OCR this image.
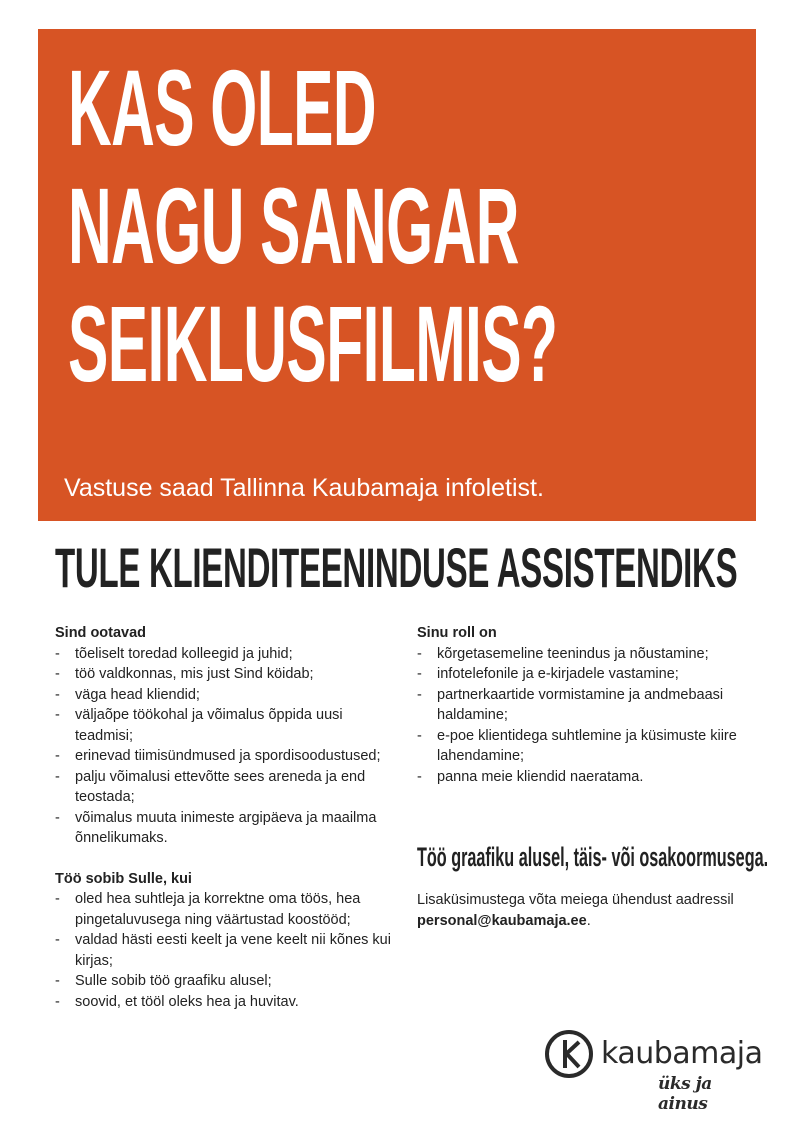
KAS OLED
NAGU SANGAR
SEIKLUSFILMIS?
Vastuse saad Tallinna Kaubamaja infoletist.
TULE KLIENDITEENINDUSE ASSISTENDIKS

Sind ootavad

- tõeliselt toredad kolleegid ja juhid;
- töö valdkonnas, mis just Sind köidab;
- väga head kliendid;
- väljaõpe töökohal ja võimalus õppida uusi teadmisi;
- erinevad tiimisündmused ja spordisoodustused;
- palju võimalusi ettevõtte sees areneda ja end teostada;
- võimalus muuta inimeste argipäeva ja maailma õnnelikumaks.

Töö sobib Sulle, kui

- oled hea suhtleja ja korrektne oma töös, hea pingetaluvusega ning väärtustad koostööd;
- valdad hästi eesti keelt ja vene keelt nii kõnes kui kirjas;
- Sulle sobib töö graafiku alusel;
- soovid, et tööl oleks hea ja huvitav.

Sinu roll on

- kõrgetasemeline teenindus ja nõustamine;
- infotelefonile ja e-kirjadele vastamine;
- partnerkaartide vormistamine ja andmebaasi haldamine;
- e-poe klientidega suhtlemine ja küsimuste kiire lahendamine;
- panna meie kliendid naeratama.

Töö graafiku alusel, täis- või osakoormusega.

Lisaküsimustega võta meiega ühendust aadressil
personal@kaubamaja.ee.
kaubamaja
üks ja ainus
